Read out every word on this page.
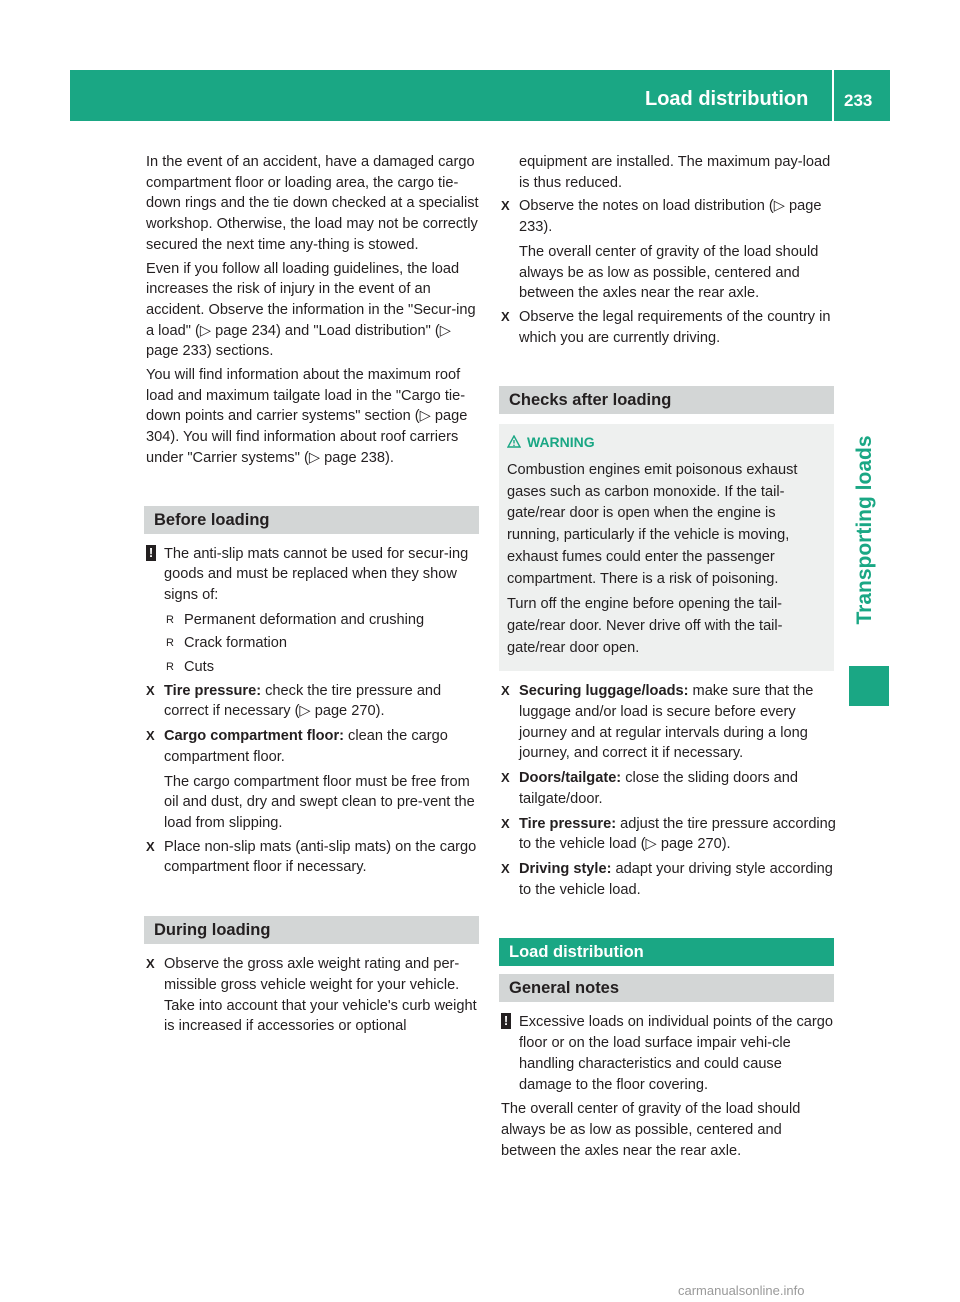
Load distribution 233
Transporting loads

In the event of an accident, have a damaged cargo compartment floor or loading area, the cargo tie-down rings and the tie down checked at a specialist workshop. Otherwise, the load may not be correctly secured the next time any-thing is stowed.

Even if you follow all loading guidelines, the load increases the risk of injury in the event of an accident. Observe the information in the "Secur-ing a load" (▷ page 234) and "Load distribution" (▷ page 233) sections.

You will find information about the maximum roof load and maximum tailgate load in the "Cargo tie-down points and carrier systems" section (▷ page 304). You will find information about roof carriers under "Carrier systems" (▷ page 238).

Before loading
! The anti-slip mats cannot be used for secur-ing goods and must be replaced when they show signs of:
R Permanent deformation and crushing
R Crack formation
R Cuts
X Tire pressure: check the tire pressure and correct if necessary (▷ page 270).
X Cargo compartment floor: clean the cargo compartment floor.

The cargo compartment floor must be free from oil and dust, dry and swept clean to pre-vent the load from slipping.

X Place non-slip mats (anti-slip mats) on the cargo compartment floor if necessary.
During loading
X Observe the gross axle weight rating and per-missible gross vehicle weight for your vehicle. Take into account that your vehicle's curb weight is increased if accessories or optional

equipment are installed. The maximum pay-load is thus reduced.

X Observe the notes on load distribution (▷ page 233).

The overall center of gravity of the load should always be as low as possible, centered and between the axles near the rear axle.

X Observe the legal requirements of the country in which you are currently driving.
Checks after loading
WARNING

Combustion engines emit poisonous exhaust gases such as carbon monoxide. If the tail-gate/rear door is open when the engine is running, particularly if the vehicle is moving, exhaust fumes could enter the passenger compartment. There is a risk of poisoning.

Turn off the engine before opening the tail-gate/rear door. Never drive off with the tail-gate/rear door open.

X Securing luggage/loads: make sure that the luggage and/or load is secure before every journey and at regular intervals during a long journey, and correct it if necessary.
X Doors/tailgate: close the sliding doors and tailgate/door.
X Tire pressure: adjust the tire pressure according to the vehicle load (▷ page 270).
X Driving style: adapt your driving style according to the vehicle load.
Load distribution
General notes
! Excessive loads on individual points of the cargo floor or on the load surface impair vehi-cle handling characteristics and could cause damage to the floor covering.

The overall center of gravity of the load should always be as low as possible, centered and between the axles near the rear axle.

carmanualsonline.info
